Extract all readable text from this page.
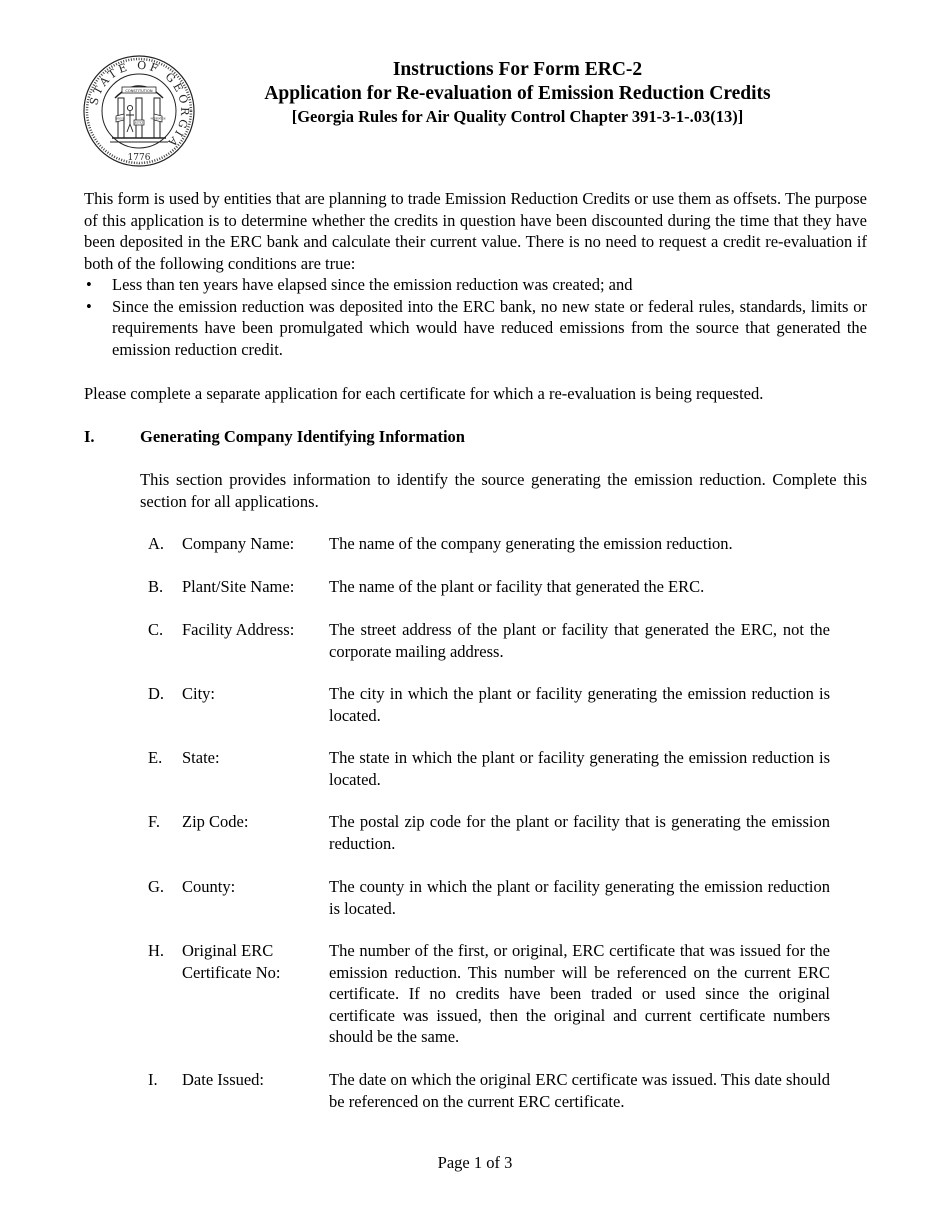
STATE OF GEORGIA
1776
CONSTITUTION
WISDOM
JUSTICE
MODERATION
Instructions For Form ERC-2
Application for Re-evaluation of Emission Reduction Credits
[Georgia Rules for Air Quality Control Chapter 391-3-1-.03(13)]
This form is used by entities that are planning to trade Emission Reduction Credits or use them as offsets. The purpose of this application is to determine whether the credits in question have been discounted during the time that they have been deposited in the ERC bank and calculate their current value. There is no need to request a credit re-evaluation if both of the following conditions are true:
• Less than ten years have elapsed since the emission reduction was created; and
• Since the emission reduction was deposited into the ERC bank, no new state or federal rules, standards, limits or requirements have been promulgated which would have reduced emissions from the source that generated the emission reduction credit.
Please complete a separate application for each certificate for which a re-evaluation is being requested.
I.	Generating Company Identifying Information
This section provides information to identify the source generating the emission reduction. Complete this section for all applications.
A. Company Name:	The name of the company generating the emission reduction.
B. Plant/Site Name:	The name of the plant or facility that generated the ERC.
C. Facility Address:	The street address of the plant or facility that generated the ERC, not the corporate mailing address.
D. City:	The city in which the plant or facility generating the emission reduction is located.
E. State:	The state in which the plant or facility generating the emission reduction is located.
F. Zip Code:	The postal zip code for the plant or facility that is generating the emission reduction.
G. County:	The county in which the plant or facility generating the emission reduction is located.
H. Original ERC Certificate No:
The number of the first, or original, ERC certificate that was issued for the emission reduction. This number will be referenced on the current ERC certificate. If no credits have been traded or used since the original certificate was issued, then the original and current certificate numbers should be the same.
I. Date Issued:	The date on which the original ERC certificate was issued. This date should be referenced on the current ERC certificate.
Page 1 of 3
